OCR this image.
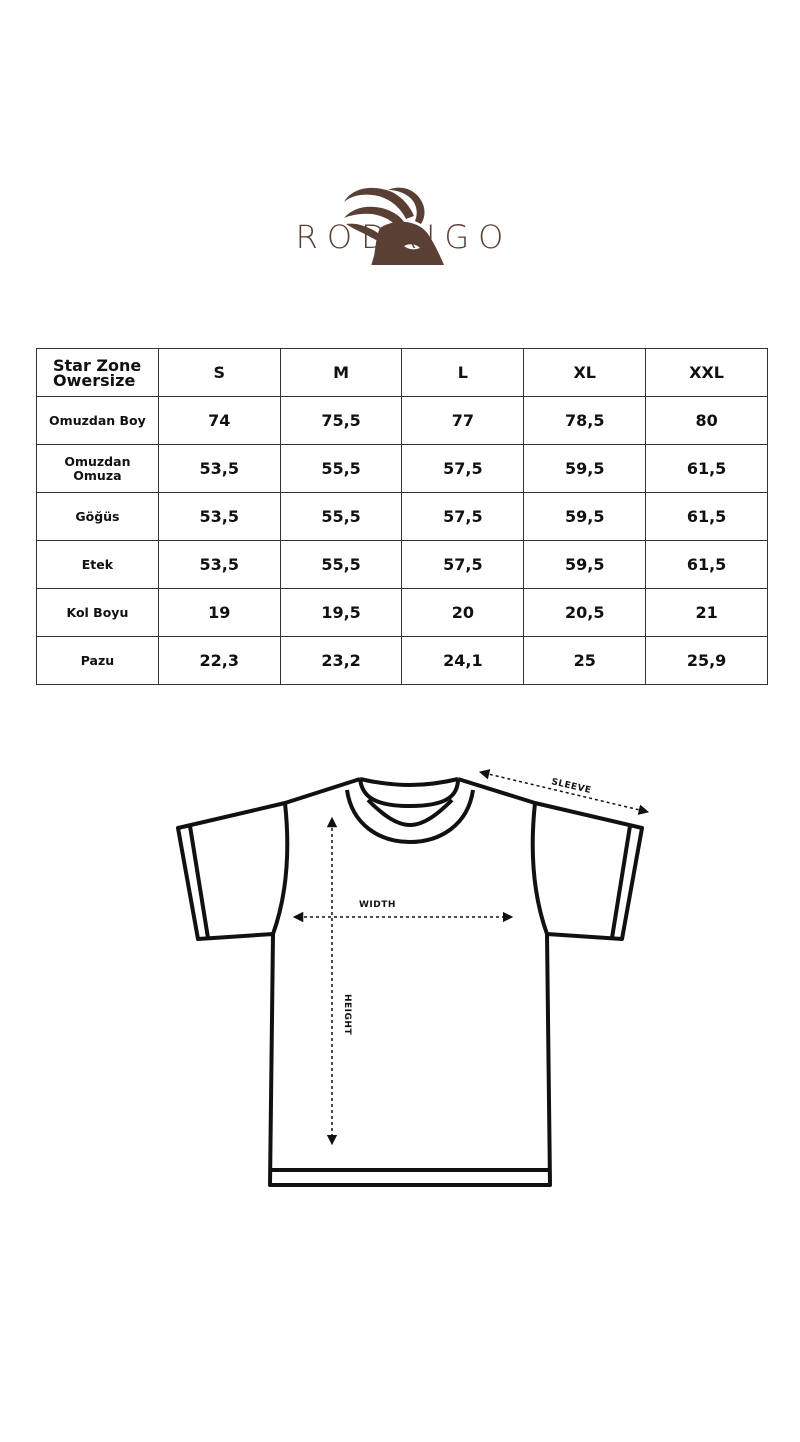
RODRIGO
Star Zone Owersize	S	M	L	XL	XXL
Omuzdan Boy	74	75,5	77	78,5	80
Omuzdan Omuza	53,5	55,5	57,5	59,5	61,5
Göğüs	53,5	55,5	57,5	59,5	61,5
Etek	53,5	55,5	57,5	59,5	61,5
Kol Boyu	19	19,5	20	20,5	21
Pazu	22,3	23,2	24,1	25	25,9
SLEEVE
WIDTH
HEIGHT
